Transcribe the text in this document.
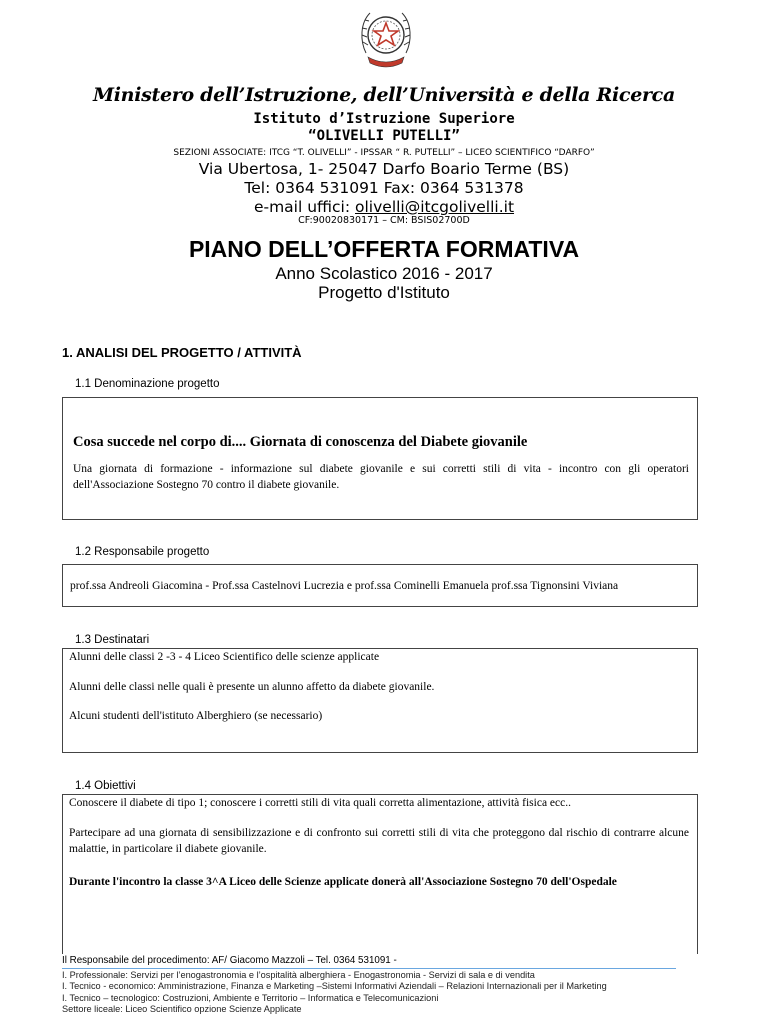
Ministero dell’Istruzione, dell’Università e della Ricerca
Istituto d’Istruzione Superiore
“OLIVELLI PUTELLI”
SEZIONI ASSOCIATE: ITCG “T. OLIVELLI” - IPSSAR “ R. PUTELLI” – LICEO SCIENTIFICO “DARFO”
Via Ubertosa, 1- 25047 Darfo Boario Terme (BS)
Tel: 0364 531091 Fax: 0364 531378
e-mail uffici: olivelli@itcgolivelli.it
CF:90020830171 – CM: BSIS02700D
PIANO DELL’OFFERTA FORMATIVA
Anno Scolastico 2016 - 2017
Progetto d'Istituto
1. ANALISI DEL PROGETTO / ATTIVITÀ
1.1 Denominazione progetto
Cosa succede nel corpo di.... Giornata di conoscenza del Diabete giovanile
Una giornata di formazione - informazione sul diabete giovanile e sui corretti stili di vita - incontro con gli operatori dell'Associazione Sostegno 70 contro il diabete giovanile.
1.2 Responsabile progetto
prof.ssa Andreoli Giacomina - Prof.ssa Castelnovi Lucrezia e prof.ssa Cominelli Emanuela prof.ssa Tignonsini Viviana
1.3 Destinatari

Alunni delle classi 2 -3 - 4 Liceo Scientifico delle scienze applicate

Alunni delle classi nelle quali è presente un alunno affetto da diabete giovanile.

Alcuni studenti dell'istituto Alberghiero (se necessario)

1.4 Obiettivi

Conoscere il diabete di tipo 1; conoscere i corretti stili di vita quali corretta alimentazione, attività fisica ecc..

Partecipare ad una giornata di sensibilizzazione e di confronto sui corretti stili di vita che proteggono dal rischio di contrarre alcune malattie, in particolare il diabete giovanile.

Durante l'incontro la classe 3^A Liceo delle Scienze applicate donerà all'Associazione Sostegno 70 dell'Ospedale

Il Responsabile del procedimento: AF/ Giacomo Mazzoli – Tel. 0364 531091 -
I. Professionale: Servizi per l’enogastronomia e l’ospitalità alberghiera - Enogastronomia - Servizi di sala e di vendita
I. Tecnico - economico: Amministrazione, Finanza e Marketing –Sistemi Informativi Aziendali – Relazioni Internazionali per il Marketing
I. Tecnico – tecnologico: Costruzioni, Ambiente e Territorio – Informatica e Telecomunicazioni
Settore liceale: Liceo Scientifico opzione Scienze Applicate
